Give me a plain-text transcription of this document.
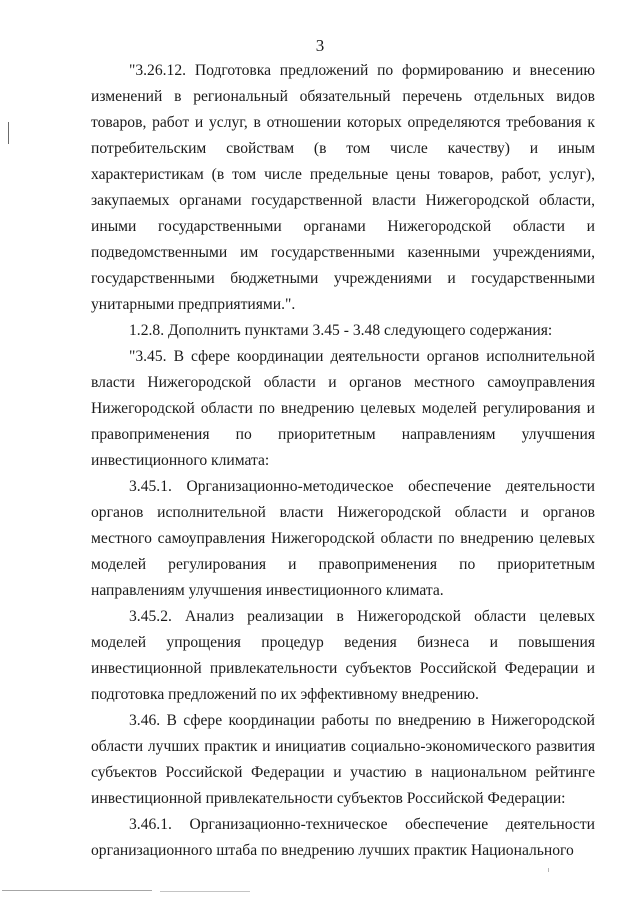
3

"3.26.12. Подготовка предложений по формированию и внесению изменений в региональный обязательный перечень отдельных видов товаров, работ и услуг, в отношении которых определяются требования к потребительским свойствам (в том числе качеству) и иным характеристикам (в том числе предельные цены товаров, работ, услуг), закупаемых органами государственной власти Нижегородской области, иными государственными органами Нижегородской области и подведомственными им государственными казенными учреждениями, государственными бюджетными учреждениями и государственными унитарными предприятиями.".

1.2.8. Дополнить пунктами 3.45 - 3.48 следующего содержания:

"3.45. В сфере координации деятельности органов исполнительной власти Нижегородской области и органов местного самоуправления Нижегородской области по внедрению целевых моделей регулирования и правоприменения по приоритетным направлениям улучшения инвестиционного климата:

3.45.1. Организационно-методическое обеспечение деятельности органов исполнительной власти Нижегородской области и органов местного самоуправления Нижегородской области по внедрению целевых моделей регулирования и правоприменения по приоритетным направлениям улучшения инвестиционного климата.

3.45.2. Анализ реализации в Нижегородской области целевых моделей упрощения процедур ведения бизнеса и повышения инвестиционной привлекательности субъектов Российской Федерации и подготовка предложений по их эффективному внедрению.

3.46. В сфере координации работы по внедрению в Нижегородской области лучших практик и инициатив социально-экономического развития субъектов Российской Федерации и участию в национальном рейтинге инвестиционной привлекательности субъектов Российской Федерации:

3.46.1. Организационно-техническое обеспечение деятельности организационного штаба по внедрению лучших практик Национального
